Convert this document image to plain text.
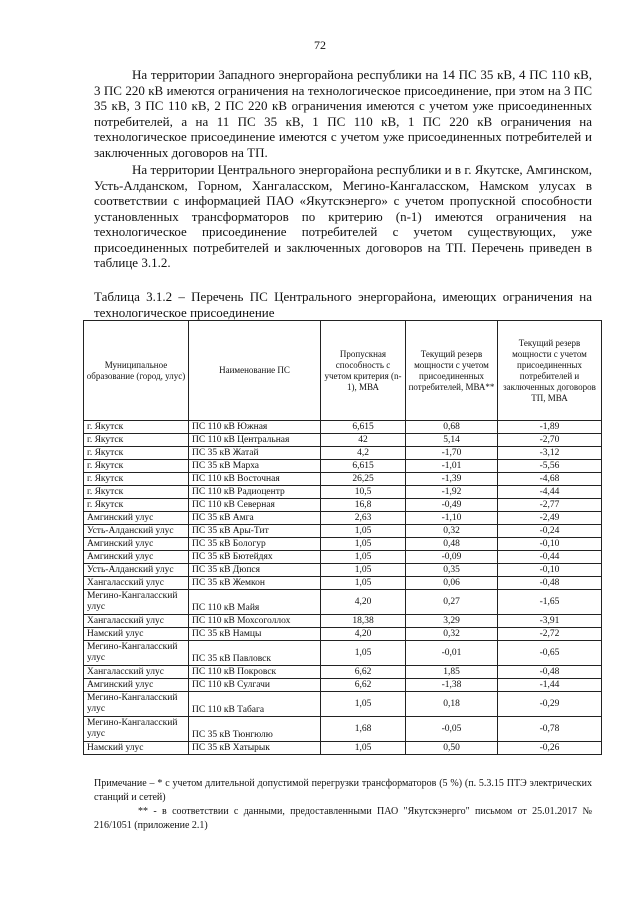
72

На территории Западного энергорайона республики на 14 ПС 35 кВ, 4 ПС 110 кВ, 3 ПС 220 кВ имеются ограничения на технологическое присоединение, при этом на 3 ПС 35 кВ, 3 ПС 110 кВ, 2 ПС 220 кВ ограничения имеются с учетом уже присоединенных потребителей, а на 11 ПС 35 кВ, 1 ПС 110 кВ, 1 ПС 220 кВ ограничения на технологическое присоединение имеются с учетом уже присоединенных потребителей и заключенных договоров на ТП.

На территории Центрального энергорайона республики и в г. Якутске, Амгинском, Усть-Алданском, Горном, Хангаласском, Мегино-Кангаласском, Намском улусах в соответствии с информацией ПАО «Якутскэнерго» с учетом пропускной способности установленных трансформаторов по критерию (n-1) имеются ограничения на технологическое присоединение потребителей с учетом существующих, уже присоединенных потребителей и заключенных договоров на ТП. Перечень приведен в таблице 3.1.2.

Таблица 3.1.2 – Перечень ПС Центрального энергорайона, имеющих ограничения на технологическое присоединение

Муниципальное образование (город, улус)	Наименование ПС	Пропускная способность с учетом критерия (n-1), МВА	Текущий резерв мощности с учетом присоединенных потребителей, МВА**	Текущий резерв мощности с учетом присоединенных потребителей и заключенных договоров ТП, МВА
г. Якутск	ПС 110 кВ Южная	6,615	0,68	-1,89
г. Якутск	ПС 110 кВ Центральная	42	5,14	-2,70
г. Якутск	ПС 35 кВ Жатай	4,2	-1,70	-3,12
г. Якутск	ПС 35 кВ Марха	6,615	-1,01	-5,56
г. Якутск	ПС 110 кВ Восточная	26,25	-1,39	-4,68
г. Якутск	ПС 110 кВ Радиоцентр	10,5	-1,92	-4,44
г. Якутск	ПС 110 кВ Северная	16,8	-0,49	-2,77
Амгинский улус	ПС 35 кВ Амга	2,63	-1,10	-2,49
Усть-Алданский улус	ПС 35 кВ Ары-Тит	1,05	0,32	-0,24
Амгинский улус	ПС 35 кВ Бологур	1,05	0,48	-0,10
Амгинский улус	ПС 35 кВ Бютейдях	1,05	-0,09	-0,44
Усть-Алданский улус	ПС 35 кВ Дюпся	1,05	0,35	-0,10
Хангаласский улус	ПС 35 кВ Жемкон	1,05	0,06	-0,48
Мегино-Кангаласский улус	ПС 110 кВ Майя	4,20	0,27	-1,65
Хангаласский улус	ПС 110 кВ Мохсоголлох	18,38	3,29	-3,91
Намский улус	ПС 35 кВ Намцы	4,20	0,32	-2,72
Мегино-Кангаласский улус	ПС 35 кВ Павловск	1,05	-0,01	-0,65
Хангаласский улус	ПС 110 кВ Покровск	6,62	1,85	-0,48
Амгинский улус	ПС 110 кВ Сулгачи	6,62	-1,38	-1,44
Мегино-Кангаласский улус	ПС 110 кВ Табага	1,05	0,18	-0,29
Мегино-Кангаласский улус	ПС 35 кВ Тюнгюлю	1,68	-0,05	-0,78
Намский улус	ПС 35 кВ Хатырык	1,05	0,50	-0,26
Примечание – * с учетом длительной допустимой перегрузки трансформаторов (5 %) (п. 5.3.15 ПТЭ электрических станций и сетей)
** - в соответствии с данными, предоставленными ПАО "Якутскэнерго" письмом от 25.01.2017 № 216/1051 (приложение 2.1)
